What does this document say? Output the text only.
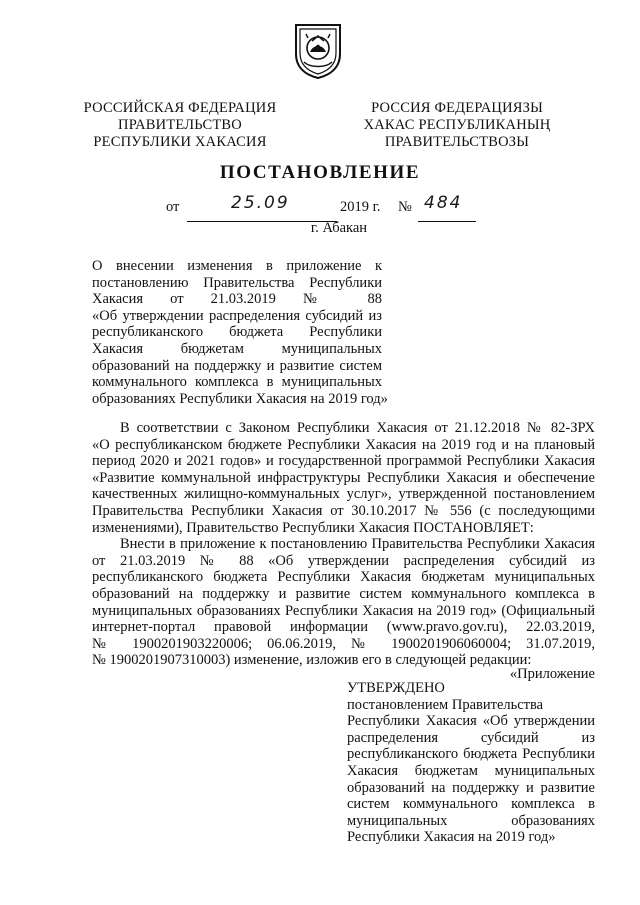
РОССИЙСКАЯ ФЕДЕРАЦИЯ
ПРАВИТЕЛЬСТВО
РЕСПУБЛИКИ ХАКАСИЯ
РОССИЯ ФЕДЕРАЦИЯЗЫ
ХАКАС РЕСПУБЛИКАНЫҢ
ПРАВИТЕЛЬСТВОЗЫ
ПОСТАНОВЛЕНИЕ
от	25.09	2019 г. № 484
г. Абакан
О внесении изменения в приложение к
постановлению Правительства Республики
Хакасия от 21.03.2019 № 88
«Об утверждении распределения субсидий из
республиканского бюджета Республики
Хакасия бюджетам муниципальных
образований на поддержку и развитие систем
коммунального комплекса в муниципальных
образованиях Республики Хакасия на 2019 год»
В соответствии с Законом Республики Хакасия от 21.12.2018 № 82-ЗРХ
«О республиканском бюджете Республики Хакасия на 2019 год и на плановый
период 2020 и 2021 годов» и государственной программой Республики Хакасия
«Развитие коммунальной инфраструктуры Республики Хакасия и обеспечение
качественных жилищно-коммунальных услуг», утвержденной постановлением
Правительства Республики Хакасия от 30.10.2017 № 556 (с последующими
изменениями), Правительство Республики Хакасия ПОСТАНОВЛЯЕТ:
Внести в приложение к постановлению Правительства Республики Хакасия
от 21.03.2019 № 88 «Об утверждении распределения субсидий из
республиканского бюджета Республики Хакасия бюджетам муниципальных
образований на поддержку и развитие систем коммунального комплекса в
муниципальных образованиях Республики Хакасия на 2019 год» (Официальный
интернет-портал правовой информации (www.pravo.gov.ru), 22.03.2019,
№ 1900201903220006; 06.06.2019, № 1900201906060004; 31.07.2019,
№ 1900201907310003) изменение, изложив его в следующей редакции:
«Приложение
УТВЕРЖДЕНО
постановлением Правительства
Республики Хакасия «Об утверждении
распределения субсидий из
республиканского бюджета Республики
Хакасия бюджетам муниципальных
образований на поддержку и развитие
систем коммунального комплекса в
муниципальных образованиях
Республики Хакасия на 2019 год»
